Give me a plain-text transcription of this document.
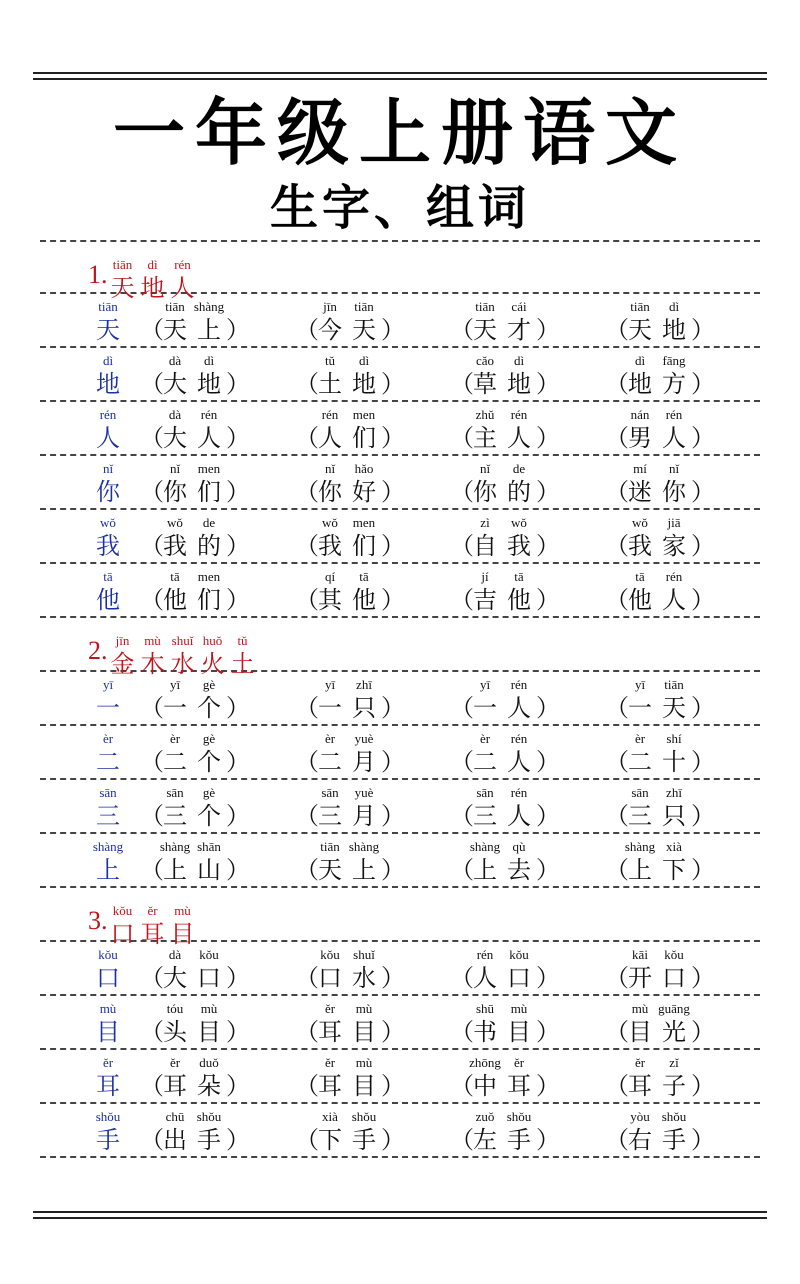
一年级上册语文
生字、组词
1. tiān
天
dì
地
rén
人
tiān
天 （
tiān
天
shàng
上 ） （
jīn
今
tiān
天 ） （
tiān
天
cái
才 ） （
tiān
天
dì
地 ）
dì
地 （
dà
大
dì
地 ） （
tǔ
土
dì
地 ） （
cǎo
草
dì
地 ） （
dì
地
fāng
方 ）
rén
人 （
dà
大
rén
人 ） （
rén
人
men
们 ） （
zhǔ
主
rén
人 ） （
nán
男
rén
人 ）
nǐ
你 （
nǐ
你
men
们 ） （
nǐ
你
hǎo
好 ） （
nǐ
你
de
的 ） （
mí
迷
nǐ
你 ）
wǒ
我 （
wǒ
我
de
的 ） （
wǒ
我
men
们 ） （
zì
自
wǒ
我 ） （
wǒ
我
jiā
家 ）
tā
他 （
tā
他
men
们 ） （
qí
其
tā
他 ） （
jí
吉
tā
他 ） （
tā
他
rén
人 ）
2. jīn
金
mù
木
shuǐ
水
huǒ
火
tǔ
土
yī
一 （
yī
一
gè
个 ） （
yī
一
zhī
只 ） （
yī
一
rén
人 ） （
yī
一
tiān
天 ）
èr
二 （
èr
二
gè
个 ） （
èr
二
yuè
月 ） （
èr
二
rén
人 ） （
èr
二
shí
十 ）
sān
三 （
sān
三
gè
个 ） （
sān
三
yuè
月 ） （
sān
三
rén
人 ） （
sān
三
zhī
只 ）
shàng
上 （
shàng
上
shān
山 ） （
tiān
天
shàng
上 ） （
shàng
上
qù
去 ） （
shàng
上
xià
下 ）
3. kǒu
口
ěr
耳
mù
目
kǒu
口 （
dà
大
kǒu
口 ） （
kǒu
口
shuǐ
水 ） （
rén
人
kǒu
口 ） （
kāi
开
kǒu
口 ）
mù
目 （
tóu
头
mù
目 ） （
ěr
耳
mù
目 ） （
shū
书
mù
目 ） （
mù
目
guāng
光 ）
ěr
耳 （
ěr
耳
duǒ
朵 ） （
ěr
耳
mù
目 ） （
zhōng
中
ěr
耳 ） （
ěr
耳
zǐ
子 ）
shǒu
手 （
chū
出
shǒu
手 ） （
xià
下
shǒu
手 ） （
zuǒ
左
shǒu
手 ） （
yòu
右
shǒu
手 ）
